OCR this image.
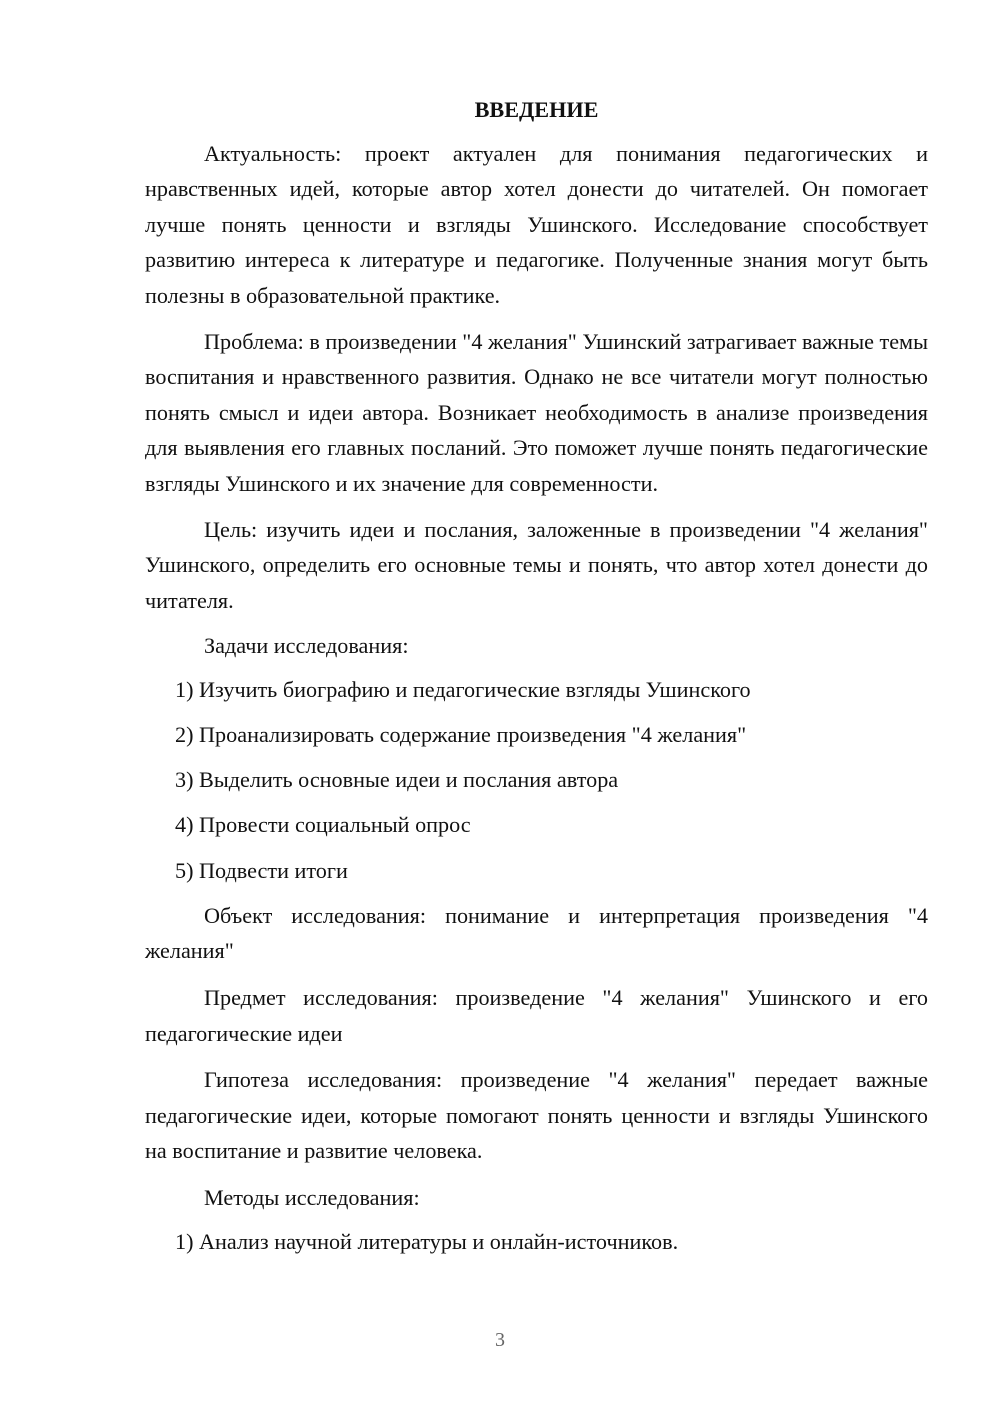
ВВЕДЕНИЕ

Актуальность: проект актуален для понимания педагогических и нравственных идей, которые автор хотел донести до читателей. Он помогает лучше понять ценности и взгляды Ушинского. Исследование способствует развитию интереса к литературе и педагогике. Полученные знания могут быть полезны в образовательной практике.

Проблема: в произведении "4 желания" Ушинский затрагивает важные темы воспитания и нравственного развития. Однако не все читатели могут полностью понять смысл и идеи автора. Возникает необходимость в анализе произведения для выявления его главных посланий. Это поможет лучше понять педагогические взгляды Ушинского и их значение для современности.

Цель: изучить идеи и послания, заложенные в произведении "4 желания" Ушинского, определить его основные темы и понять, что автор хотел донести до читателя.

Задачи исследования:
1) Изучить биографию и педагогические взгляды Ушинского
2) Проанализировать содержание произведения "4 желания"
3) Выделить основные идеи и послания автора
4) Провести социальный опрос
5) Подвести итоги

Объект исследования: понимание и интерпретация произведения "4 желания"

Предмет исследования: произведение "4 желания" Ушинского и его педагогические идеи

Гипотеза исследования: произведение "4 желания" передает важные педагогические идеи, которые помогают понять ценности и взгляды Ушинского на воспитание и развитие человека.

Методы исследования:
1) Анализ научной литературы и онлайн-источников.
3
